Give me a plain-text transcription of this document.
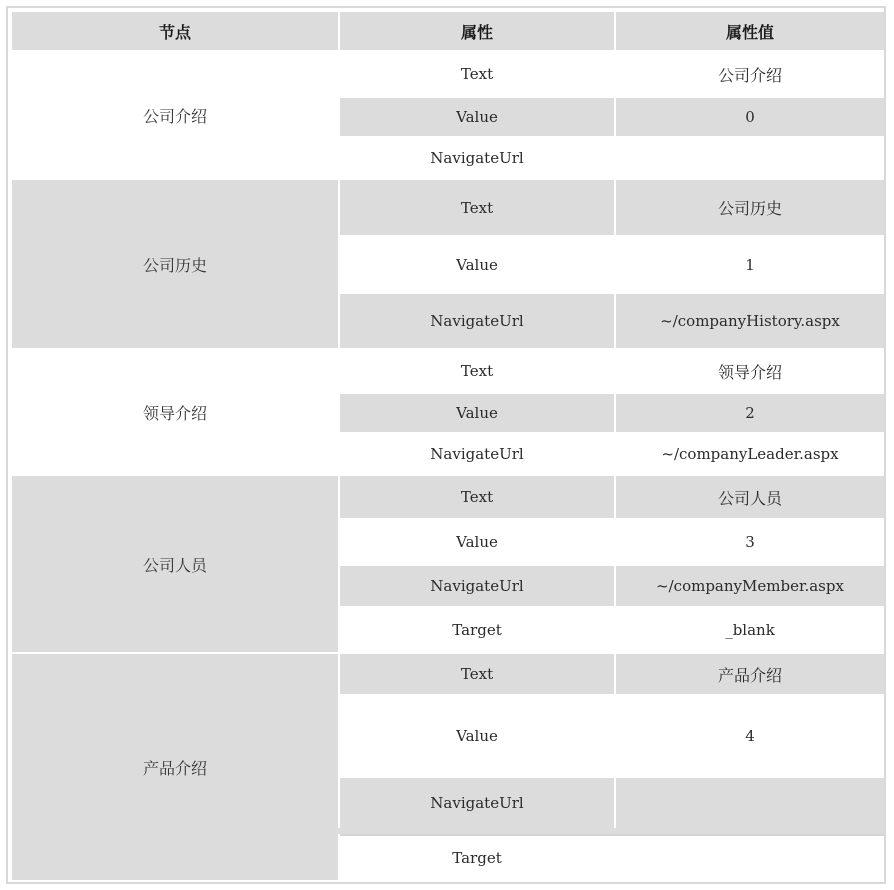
节点	属性	属性值
公司介绍
Text	公司介绍
Value	0
NavigateUrl
公司历史
Text	公司历史
Value	1
NavigateUrl	~/companyHistory.aspx
领导介绍
Text	领导介绍
Value	2
NavigateUrl	~/companyLeader.aspx
公司人员
Text	公司人员
Value	3
NavigateUrl	~/companyMember.aspx
Target	_blank
产品介绍
Text	产品介绍
Value	4
NavigateUrl
Target
